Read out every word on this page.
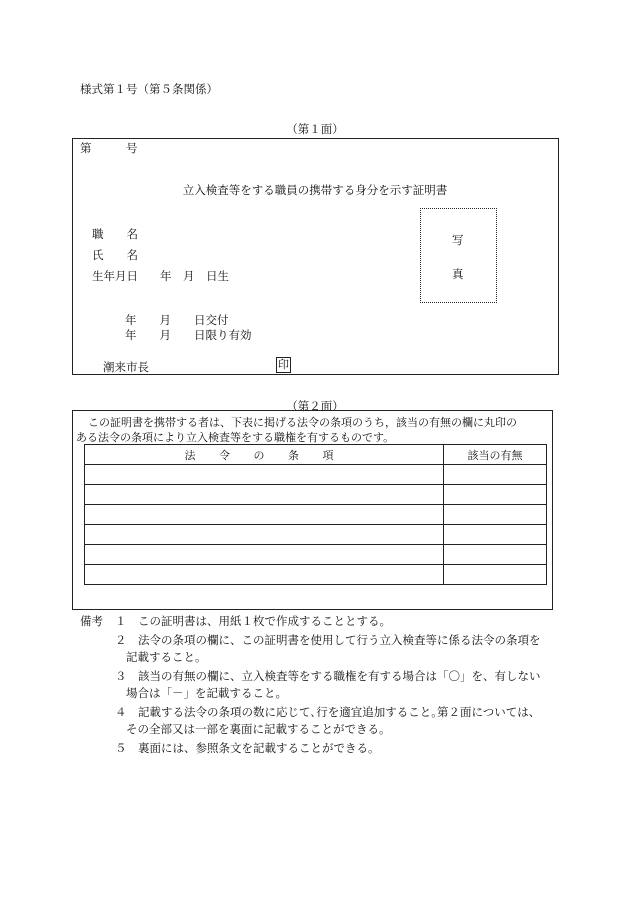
様式第１号（第５条関係）
（第１面）
第	号
立入検査等をする職員の携帯する身分を示す証明書
職　　名
氏　　名
生年月日 年　月　日生
写
真
年　　月　　日交付
年　　月　　日限り有効
潮来市長	印
（第２面）
この証明書を携帯する者は、下表に掲げる法令の条項のうち，該当の有無の欄に丸印の
ある法令の条項により立入検査等をする職権を有するものです。
法 令 の 条 項	該当の有無

備考 １ この証明書は、用紙１枚で作成することとする。
２ 法令の条項の欄に、この証明書を使用して行う立入検査等に係る法令の条項を
記載すること。
３ 該当の有無の欄に、立入検査等をする職権を有する場合は「〇」を、有しない
場合は「－」を記載すること。
４ 記載する法令の条項の数に応じて､行を適宜追加すること｡第２面については、
その全部又は一部を裏面に記載することができる。
５ 裏面には、参照条文を記載することができる。
